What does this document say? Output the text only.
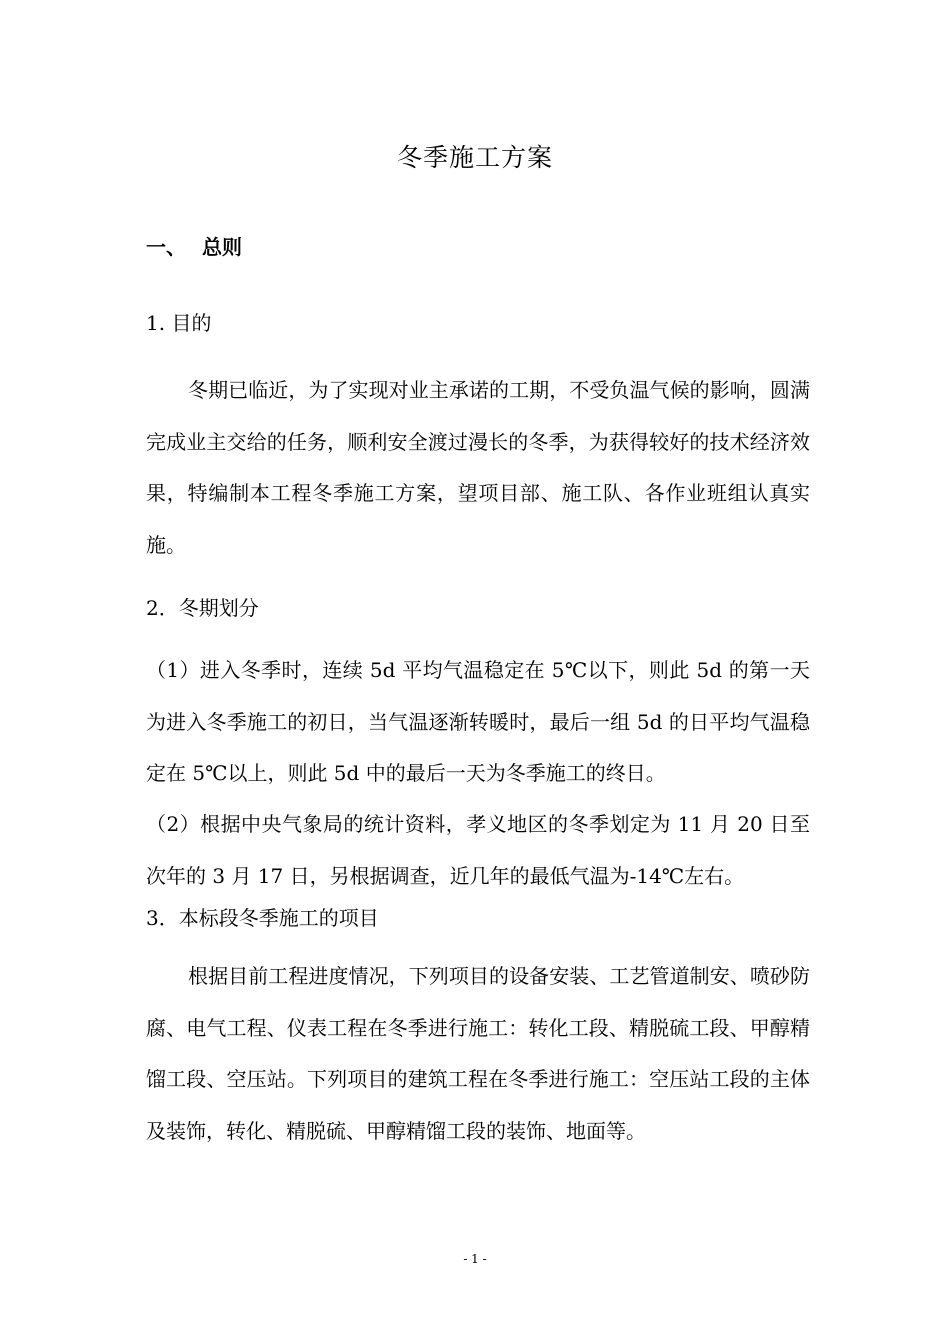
冬季施工方案
一、 总则
1. 目的

冬期已临近，为了实现对业主承诺的工期，不受负温气候的影响，圆满完成业主交给的任务，顺利安全渡过漫长的冬季，为获得较好的技术经济效果，特编制本工程冬季施工方案，望项目部、施工队、各作业班组认真实施。

2．冬期划分

（1）进入冬季时，连续 5d 平均气温稳定在 5℃以下，则此 5d 的第一天为进入冬季施工的初日，当气温逐渐转暖时，最后一组 5d 的日平均气温稳定在 5℃以上，则此 5d 中的最后一天为冬季施工的终日。

（2）根据中央气象局的统计资料，孝义地区的冬季划定为 11 月 20 日至次年的 3 月 17 日，另根据调查，近几年的最低气温为-14℃左右。

3．本标段冬季施工的项目

根据目前工程进度情况，下列项目的设备安装、工艺管道制安、喷砂防腐、电气工程、仪表工程在冬季进行施工：转化工段、精脱硫工段、甲醇精馏工段、空压站。下列项目的建筑工程在冬季进行施工：空压站工段的主体及装饰，转化、精脱硫、甲醇精馏工段的装饰、地面等。

- 1 -
